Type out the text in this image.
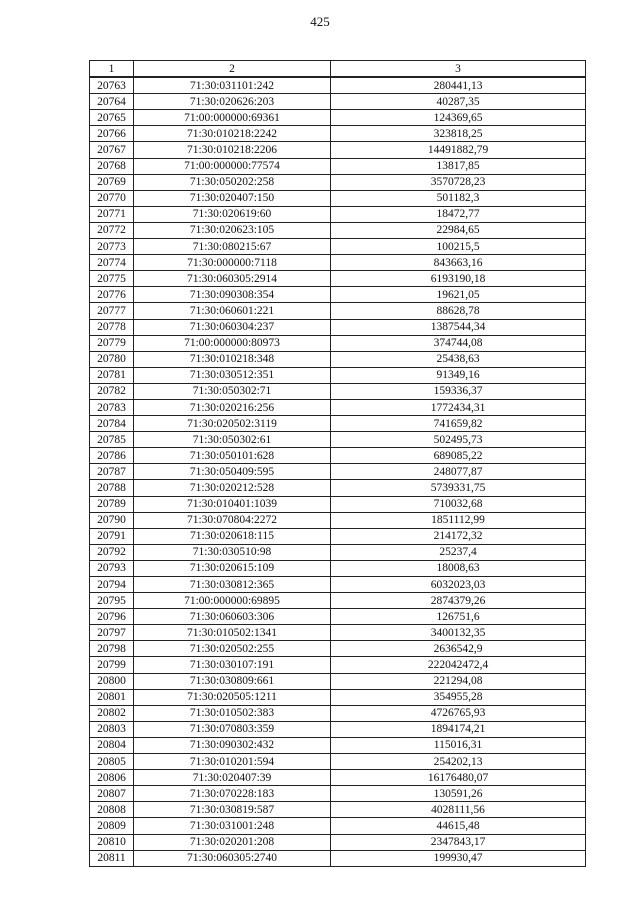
425
1	2	3
20763	71:30:031101:242	280441,13
20764	71:30:020626:203	40287,35
20765	71:00:000000:69361	124369,65
20766	71:30:010218:2242	323818,25
20767	71:30:010218:2206	14491882,79
20768	71:00:000000:77574	13817,85
20769	71:30:050202:258	3570728,23
20770	71:30:020407:150	501182,3
20771	71:30:020619:60	18472,77
20772	71:30:020623:105	22984,65
20773	71:30:080215:67	100215,5
20774	71:30:000000:7118	843663,16
20775	71:30:060305:2914	6193190,18
20776	71:30:090308:354	19621,05
20777	71:30:060601:221	88628,78
20778	71:30:060304:237	1387544,34
20779	71:00:000000:80973	374744,08
20780	71:30:010218:348	25438,63
20781	71:30:030512:351	91349,16
20782	71:30:050302:71	159336,37
20783	71:30:020216:256	1772434,31
20784	71:30:020502:3119	741659,82
20785	71:30:050302:61	502495,73
20786	71:30:050101:628	689085,22
20787	71:30:050409:595	248077,87
20788	71:30:020212:528	5739331,75
20789	71:30:010401:1039	710032,68
20790	71:30:070804:2272	1851112,99
20791	71:30:020618:115	214172,32
20792	71:30:030510:98	25237,4
20793	71:30:020615:109	18008,63
20794	71:30:030812:365	6032023,03
20795	71:00:000000:69895	2874379,26
20796	71:30:060603:306	126751,6
20797	71:30:010502:1341	3400132,35
20798	71:30:020502:255	2636542,9
20799	71:30:030107:191	222042472,4
20800	71:30:030809:661	221294,08
20801	71:30:020505:1211	354955,28
20802	71:30:010502:383	4726765,93
20803	71:30:070803:359	1894174,21
20804	71:30:090302:432	115016,31
20805	71:30:010201:594	254202,13
20806	71:30:020407:39	16176480,07
20807	71:30:070228:183	130591,26
20808	71:30:030819:587	4028111,56
20809	71:30:031001:248	44615,48
20810	71:30:020201:208	2347843,17
20811	71:30:060305:2740	199930,47
